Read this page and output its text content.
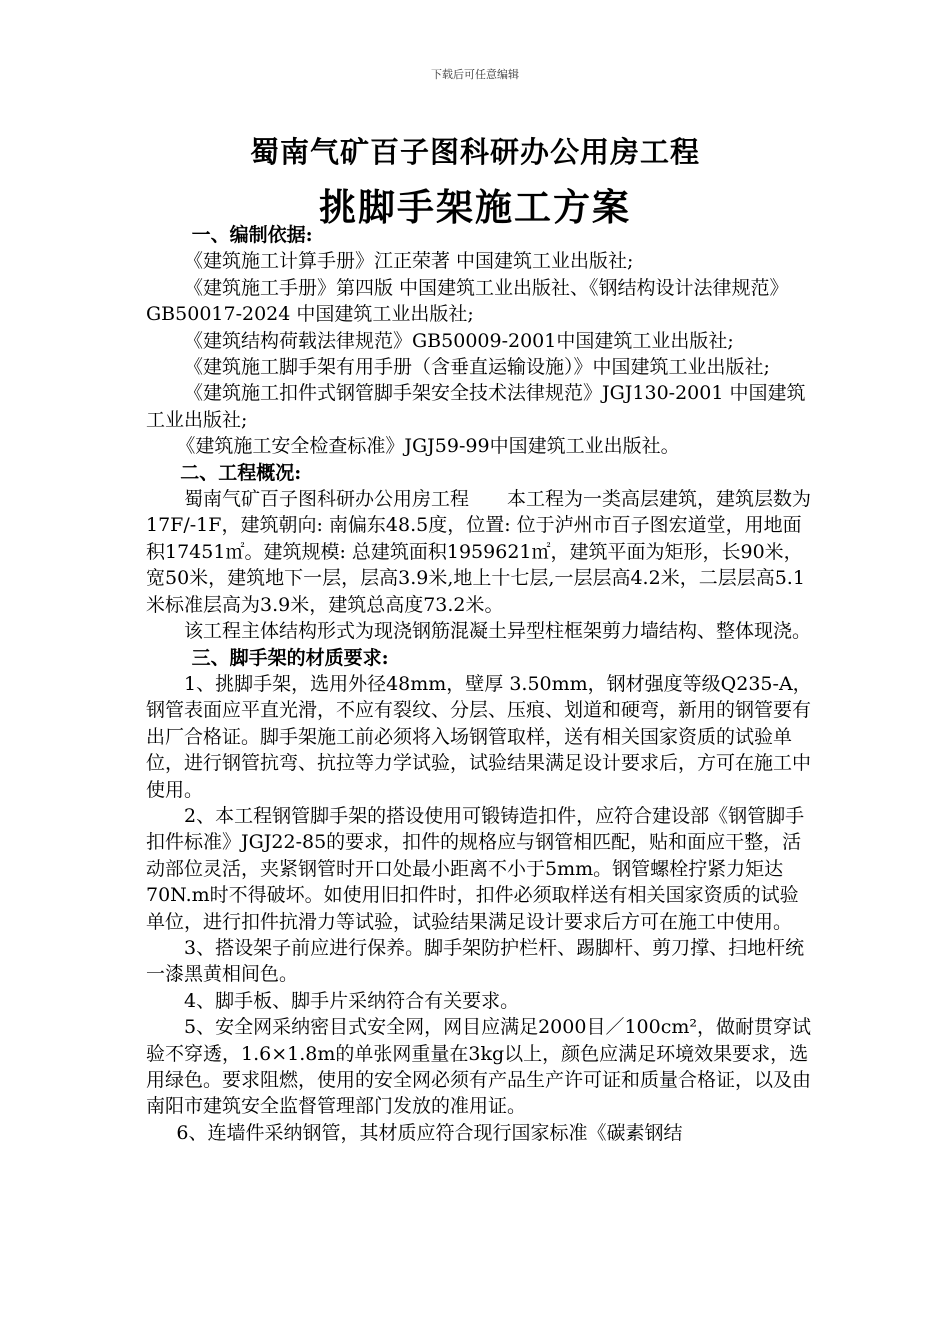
下载后可任意编辑
蜀南气矿百子图科研办公用房工程
挑脚手架施工方案

一、编制依据:

《建筑施工计算手册》江正荣著 中国建筑工业出版社;

《建筑施工手册》第四版 中国建筑工业出版社、《钢结构设计法律规范》GB50017-2024 中国建筑工业出版社;

《建筑结构荷载法律规范》GB50009-2001中国建筑工业出版社;

《建筑施工脚手架有用手册（含垂直运输设施）》中国建筑工业出版社;

《建筑施工扣件式钢管脚手架安全技术法律规范》JGJ130-2001 中国建筑工业出版社;

《建筑施工安全检查标准》JGJ59-99中国建筑工业出版社。

二、工程概况:

蜀南气矿百子图科研办公用房工程　　本工程为一类高层建筑，建筑层数为17F/-1F，建筑朝向: 南偏东48.5度，位置: 位于泸州市百子图宏道堂，用地面积17451㎡。建筑规模: 总建筑面积1959621㎡，建筑平面为矩形，长90米，宽50米，建筑地下一层，层高3.9米,地上十七层,一层层高4.2米，二层层高5.1米标准层高为3.9米，建筑总高度73.2米。

该工程主体结构形式为现浇钢筋混凝土异型柱框架剪力墙结构、整体现浇。

三、脚手架的材质要求:

1、挑脚手架，选用外径48mm，壁厚 3.50mm，钢材强度等级Q235-A，钢管表面应平直光滑，不应有裂纹、分层、压痕、划道和硬弯，新用的钢管要有出厂合格证。脚手架施工前必须将入场钢管取样，送有相关国家资质的试验单位，进行钢管抗弯、抗拉等力学试验，试验结果满足设计要求后，方可在施工中使用。

2、本工程钢管脚手架的搭设使用可锻铸造扣件，应符合建设部《钢管脚手扣件标准》JGJ22-85的要求，扣件的规格应与钢管相匹配，贴和面应干整，活动部位灵活，夹紧钢管时开口处最小距离不小于5mm。钢管螺栓拧紧力矩达70N.m时不得破坏。如使用旧扣件时，扣件必须取样送有相关国家资质的试验单位，进行扣件抗滑力等试验，试验结果满足设计要求后方可在施工中使用。

3、搭设架子前应进行保养。脚手架防护栏杆、踢脚杆、剪刀撑、扫地杆统一漆黑黄相间色。

4、脚手板、脚手片采纳符合有关要求。

5、安全网采纳密目式安全网，网目应满足2000目／100cm²，做耐贯穿试验不穿透，1.6×1.8m的单张网重量在3kg以上，颜色应满足环境效果要求，选用绿色。要求阻燃，使用的安全网必须有产品生产许可证和质量合格证，以及由南阳市建筑安全监督管理部门发放的准用证。

6、连墙件采纳钢管，其材质应符合现行国家标准《碳素钢结
